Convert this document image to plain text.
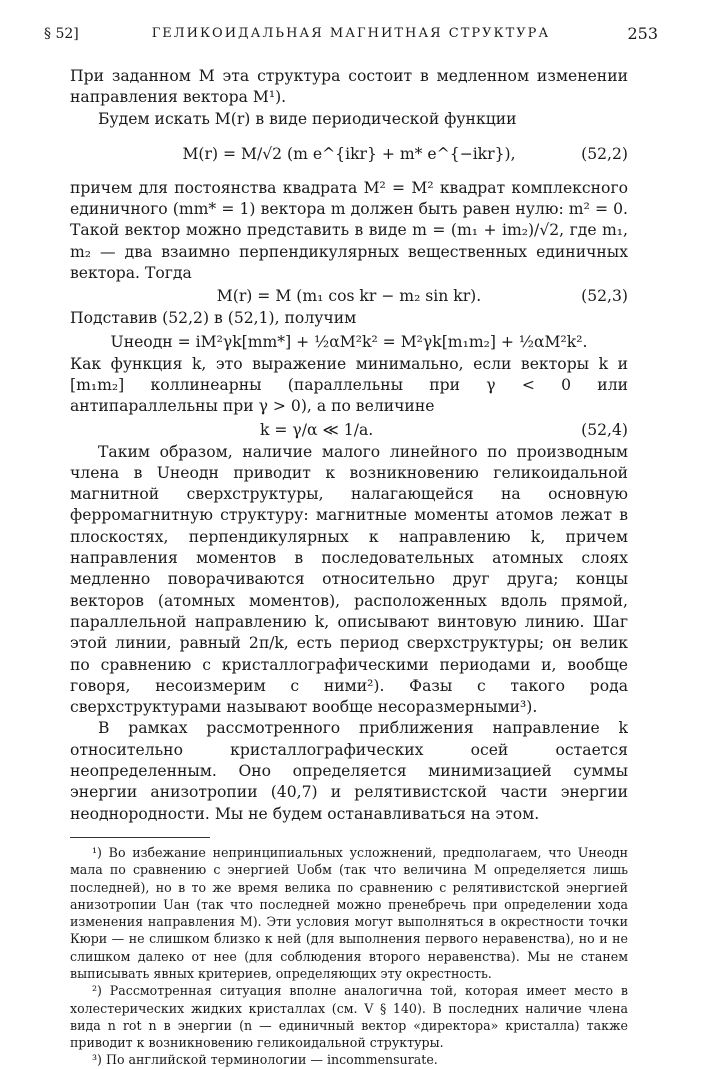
§ 52]	ГЕЛИКОИДАЛЬНАЯ МАГНИТНАЯ СТРУКТУРА	253

При заданном M эта структура состоит в медленном изменении направления вектора M¹).

Будем искать M(r) в виде периодической функции

M(r) = M/√2 (m e^{ikr} + m* e^{−ikr}),	(52,2)

причем для постоянства квадрата M² = M² квадрат комплексного единичного (mm* = 1) вектора m должен быть равен нулю: m² = 0. Такой вектор можно представить в виде m = (m₁ + im₂)/√2, где m₁, m₂ — два взаимно перпендикулярных вещественных единичных вектора. Тогда

M(r) = M (m₁ cos kr − m₂ sin kr).	(52,3)

Подставив (52,2) в (52,1), получим

Uнеодн = iM²γk[mm*] + ½αM²k² = M²γk[m₁m₂] + ½αM²k².

Как функция k, это выражение минимально, если векторы k и [m₁m₂] коллинеарны (параллельны при γ < 0 или антипараллельны при γ > 0), а по величине

k = γ/α ≪ 1/a.	(52,4)

Таким образом, наличие малого линейного по производным члена в Uнеодн приводит к возникновению геликоидальной магнитной сверхструктуры, налагающейся на основную ферромагнитную структуру: магнитные моменты атомов лежат в плоскостях, перпендикулярных к направлению k, причем направления моментов в последовательных атомных слоях медленно поворачиваются относительно друг друга; концы векторов (атомных моментов), расположенных вдоль прямой, параллельной направлению k, описывают винтовую линию. Шаг этой линии, равный 2π/k, есть период сверхструктуры; он велик по сравнению с кристаллографическими периодами и, вообще говоря, несоизмерим с ними²). Фазы с такого рода сверхструктурами называют вообще несоразмерными³).

В рамках рассмотренного приближения направление k относительно кристаллографических осей остается неопределенным. Оно определяется минимизацией суммы энергии анизотропии (40,7) и релятивистской части энергии неоднородности. Мы не будем останавливаться на этом.

¹) Во избежание непринципиальных усложнений, предполагаем, что Uнеодн мала по сравнению с энергией Uобм (так что величина M определяется лишь последней), но в то же время велика по сравнению с релятивистской энергией анизотропии Uан (так что последней можно пренебречь при определении хода изменения направления M). Эти условия могут выполняться в окрестности точки Кюри — не слишком близко к ней (для выполнения первого неравенства), но и не слишком далеко от нее (для соблюдения второго неравенства). Мы не станем выписывать явных критериев, определяющих эту окрестность.

²) Рассмотренная ситуация вполне аналогична той, которая имеет место в холестерических жидких кристаллах (см. V § 140). В последних наличие члена вида n rot n в энергии (n — единичный вектор «директора» кристалла) также приводит к возникновению геликоидальной структуры.

³) По английской терминологии — incommensurate.
